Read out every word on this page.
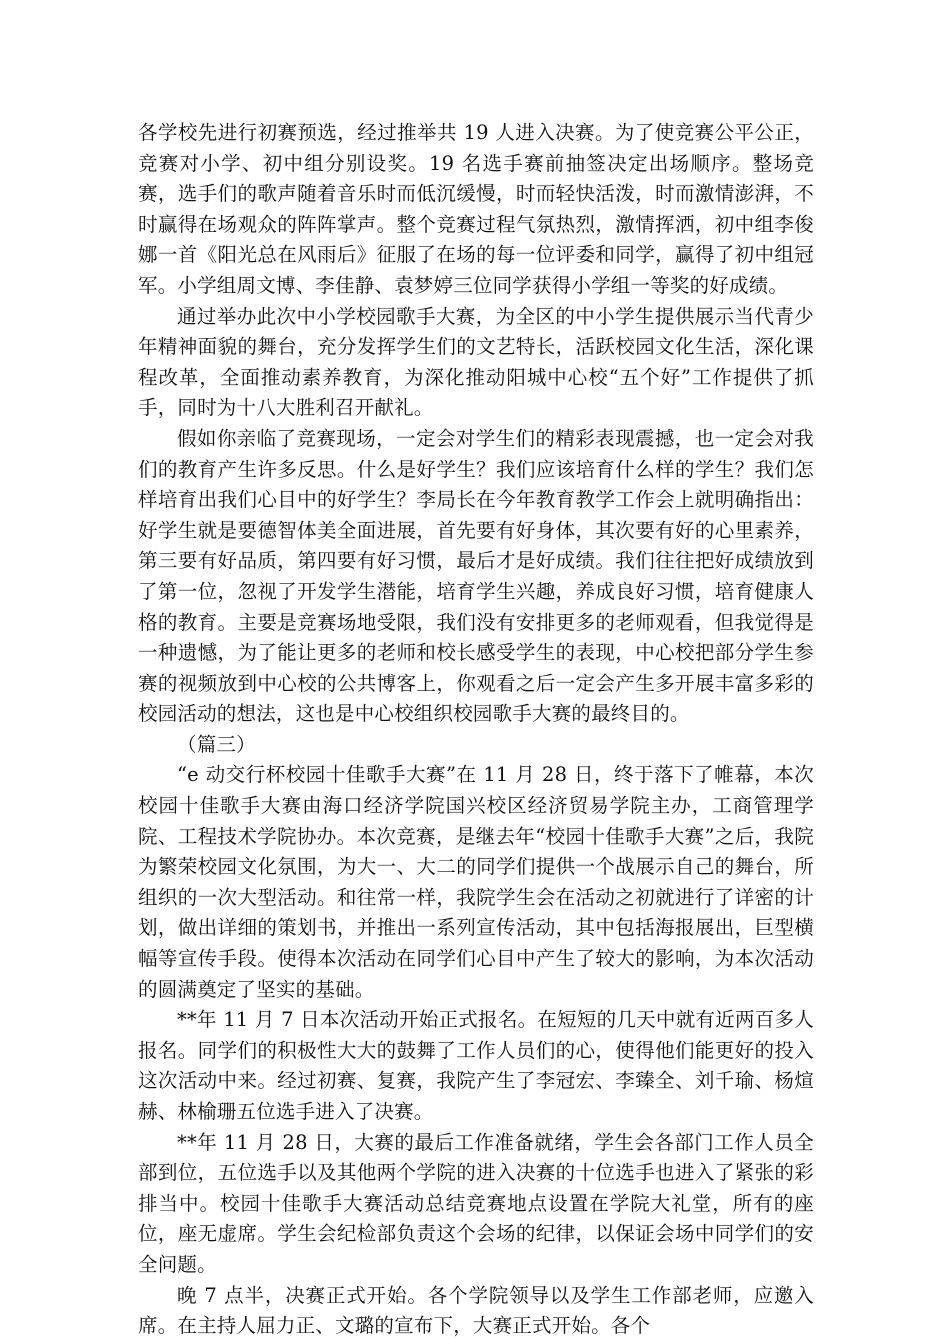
各学校先进行初赛预选，经过推举共 19 人进入决赛。为了使竞赛公平公正，竞赛对小学、初中组分别设奖。19 名选手赛前抽签决定出场顺序。整场竞赛，选手们的歌声随着音乐时而低沉缓慢，时而轻快活泼，时而激情澎湃，不时赢得在场观众的阵阵掌声。整个竞赛过程气氛热烈，激情挥洒，初中组李俊娜一首《阳光总在风雨后》征服了在场的每一位评委和同学，赢得了初中组冠军。小学组周文博、李佳静、袁梦婷三位同学获得小学组一等奖的好成绩。

通过举办此次中小学校园歌手大赛，为全区的中小学生提供展示当代青少年精神面貌的舞台，充分发挥学生们的文艺特长，活跃校园文化生活，深化课程改革，全面推动素养教育，为深化推动阳城中心校“五个好”工作提供了抓手，同时为十八大胜利召开献礼。

假如你亲临了竞赛现场，一定会对学生们的精彩表现震撼，也一定会对我们的教育产生许多反思。什么是好学生？我们应该培育什么样的学生？我们怎样培育出我们心目中的好学生？李局长在今年教育教学工作会上就明确指出：好学生就是要德智体美全面进展，首先要有好身体，其次要有好的心里素养，第三要有好品质，第四要有好习惯，最后才是好成绩。我们往往把好成绩放到了第一位，忽视了开发学生潜能，培育学生兴趣，养成良好习惯，培育健康人格的教育。主要是竞赛场地受限，我们没有安排更多的老师观看，但我觉得是一种遗憾，为了能让更多的老师和校长感受学生的表现，中心校把部分学生参赛的视频放到中心校的公共博客上，你观看之后一定会产生多开展丰富多彩的校园活动的想法，这也是中心校组织校园歌手大赛的最终目的。

（篇三）

“e 动交行杯校园十佳歌手大赛”在 11 月 28 日，终于落下了帷幕，本次校园十佳歌手大赛由海口经济学院国兴校区经济贸易学院主办，工商管理学院、工程技术学院协办。本次竞赛，是继去年“校园十佳歌手大赛”之后，我院为繁荣校园文化氛围，为大一、大二的同学们提供一个战展示自己的舞台，所组织的一次大型活动。和往常一样，我院学生会在活动之初就进行了详密的计划，做出详细的策划书，并推出一系列宣传活动，其中包括海报展出，巨型横幅等宣传手段。使得本次活动在同学们心目中产生了较大的影响，为本次活动的圆满奠定了坚实的基础。

**年 11 月 7 日本次活动开始正式报名。在短短的几天中就有近两百多人报名。同学们的积极性大大的鼓舞了工作人员们的心，使得他们能更好的投入这次活动中来。经过初赛、复赛，我院产生了李冠宏、李臻全、刘千瑜、杨煊赫、林榆珊五位选手进入了决赛。

**年 11 月 28 日，大赛的最后工作准备就绪，学生会各部门工作人员全部到位，五位选手以及其他两个学院的进入决赛的十位选手也进入了紧张的彩排当中。校园十佳歌手大赛活动总结竞赛地点设置在学院大礼堂，所有的座位，座无虚席。学生会纪检部负责这个会场的纪律，以保证会场中同学们的安全问题。

晚 7 点半，决赛正式开始。各个学院领导以及学生工作部老师，应邀入席。在主持人屈力正、文璐的宣布下，大赛正式开始。各个
